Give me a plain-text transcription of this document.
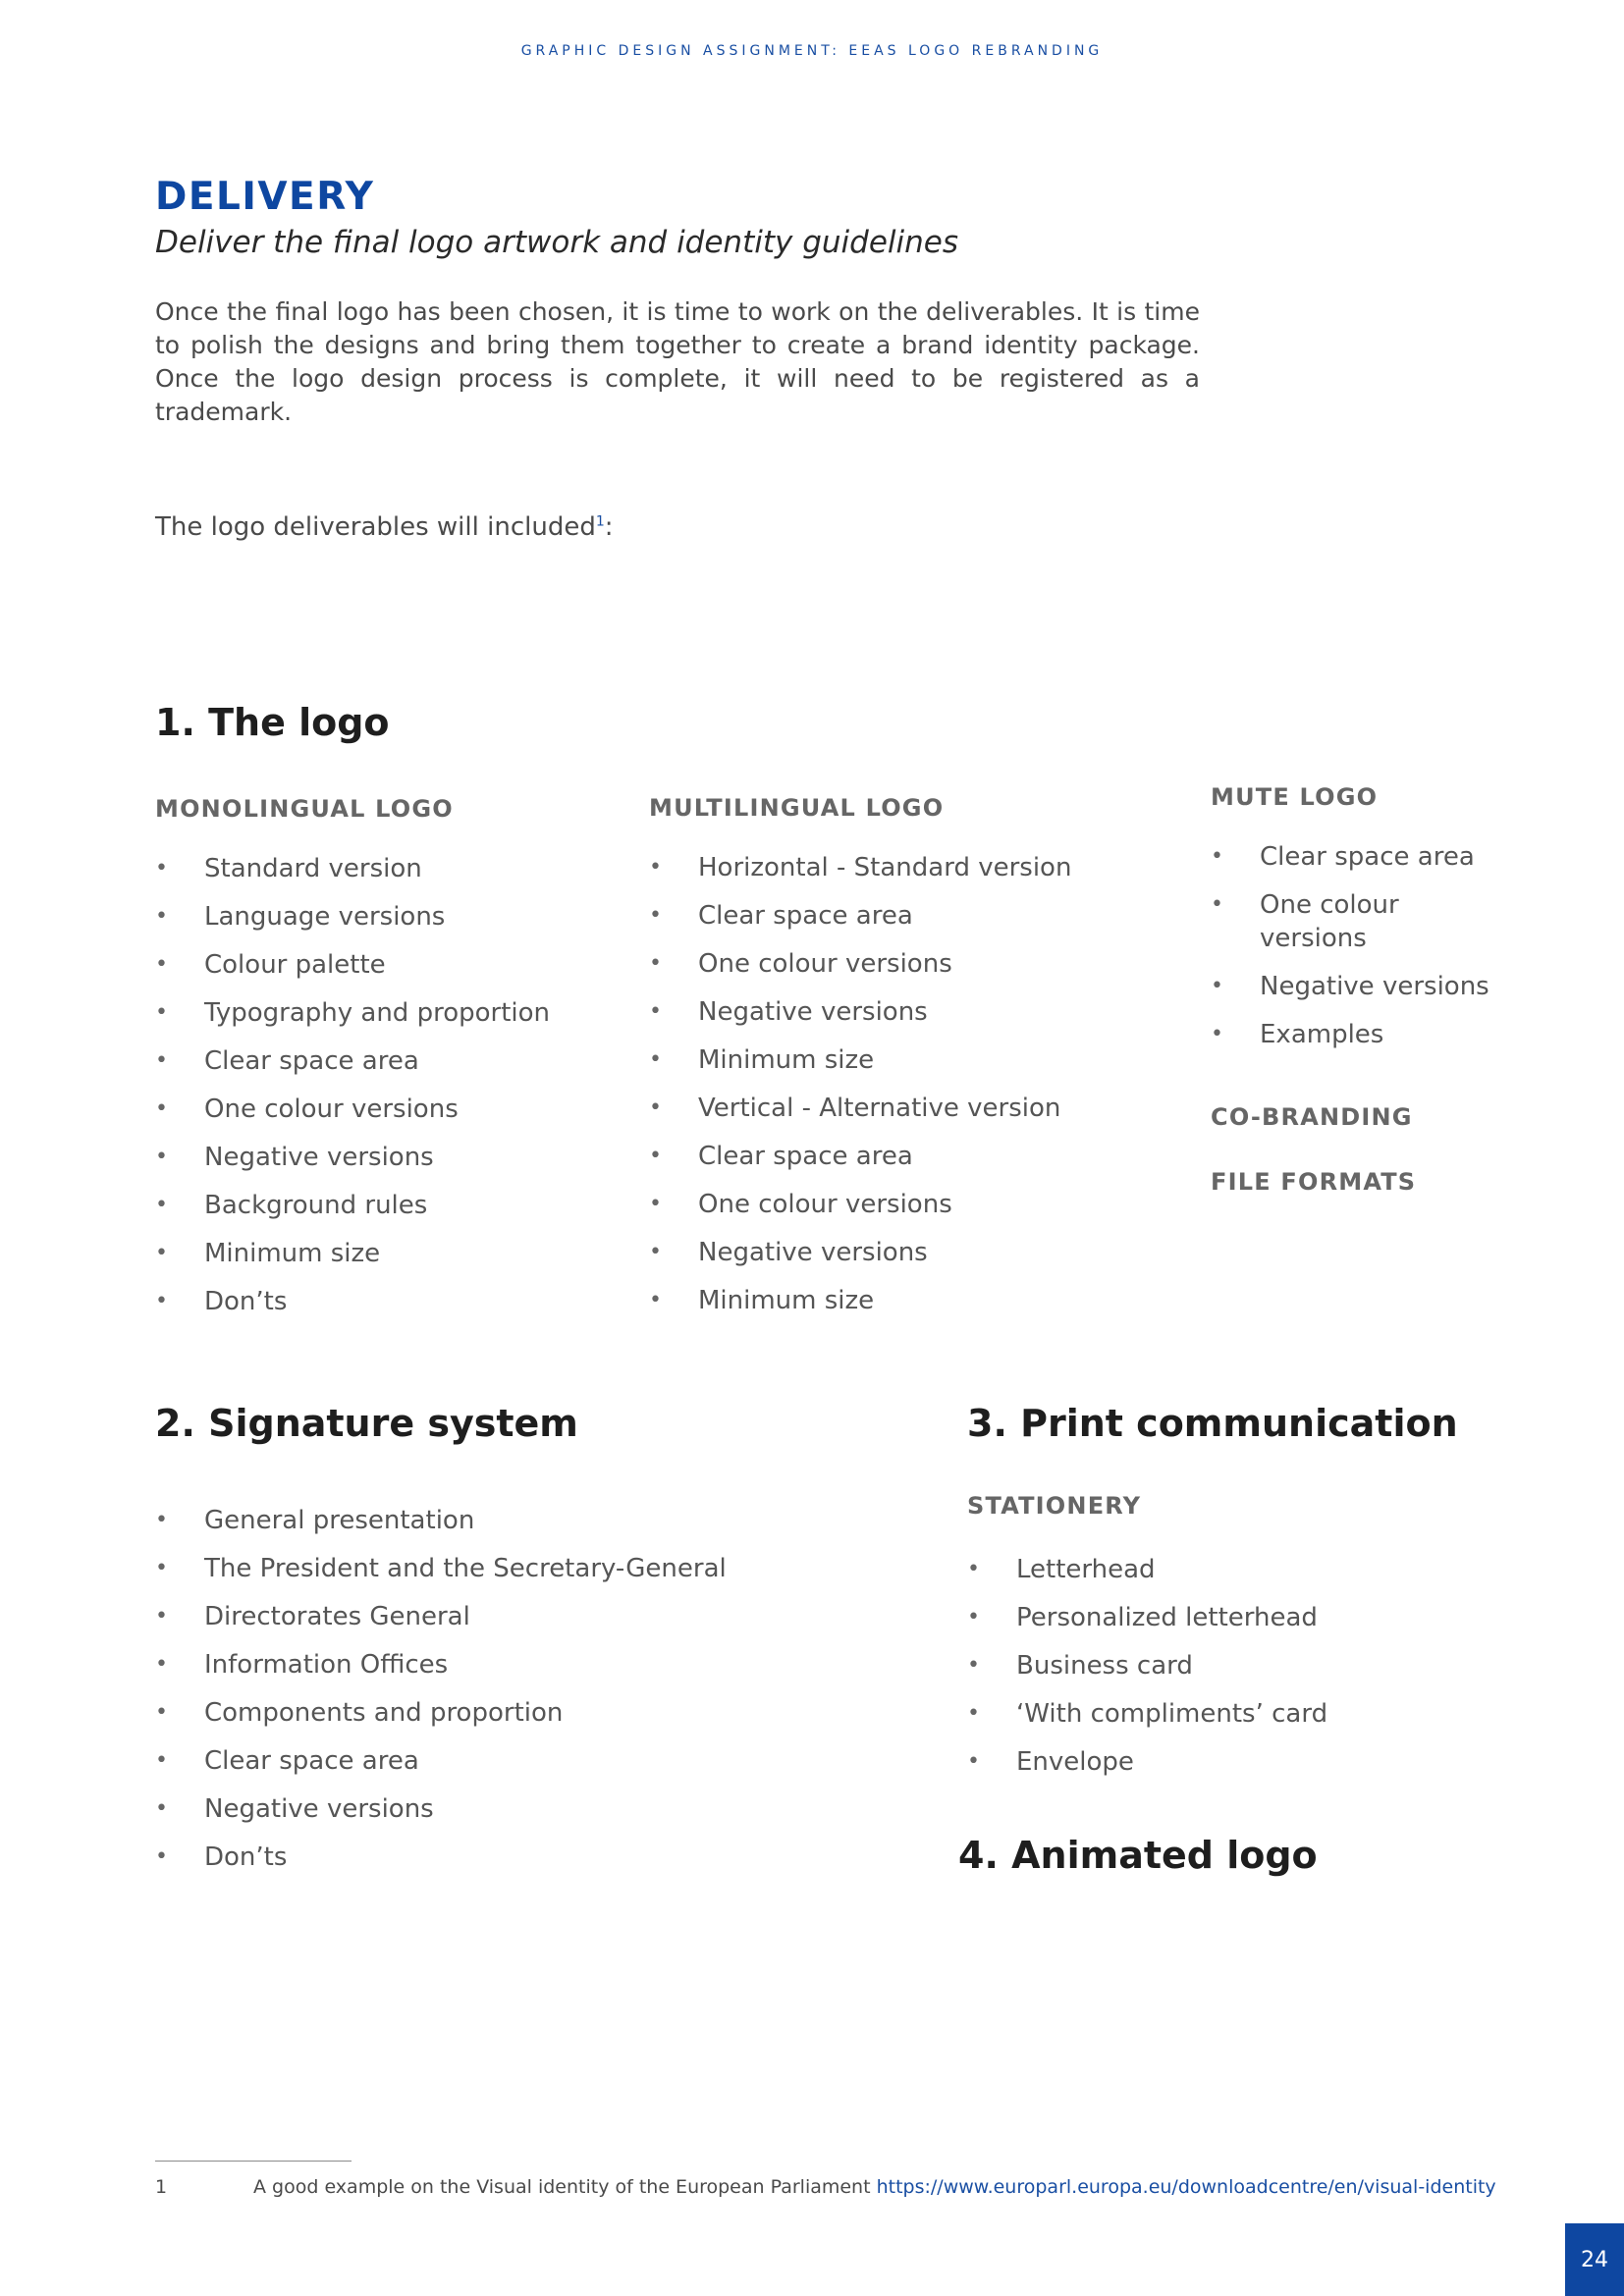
GRAPHIC DESIGN ASSIGNMENT: EEAS LOGO REBRANDING
DELIVERY

Deliver the final logo artwork and identity guidelines

Once the final logo has been chosen, it is time to work on the deliverables. It is time to polish the designs and bring them together to create a brand identity package. Once the logo design process is complete, it will need to be registered as a trademark.

The logo deliverables will included$^1$:

1. The logo
MONOLINGUAL LOGO
• Standard version
• Language versions
• Colour palette
• Typography and proportion
• Clear space area
• One colour versions
• Negative versions
• Background rules
• Minimum size
• Don’ts
MULTILINGUAL LOGO
• Horizontal - Standard version
• Clear space area
• One colour versions
• Negative versions
• Minimum size
• Vertical - Alternative version
• Clear space area
• One colour versions
• Negative versions
• Minimum size
MUTE LOGO
• Clear space area
• One colour versions
• Negative versions
• Examples
CO-BRANDING
FILE FORMATS
2. Signature system
• General presentation
• The President and the Secretary-General
• Directorates General
• Information Offices
• Components and proportion
• Clear space area
• Negative versions
• Don’ts
3. Print communication
STATIONERY
• Letterhead
• Personalized letterhead
• Business card
• ‘With compliments’ card
• Envelope
4. Animated logo
1	A good example on the Visual identity of the European Parliament https://www.europarl.europa.eu/downloadcentre/en/visual-identity
24
